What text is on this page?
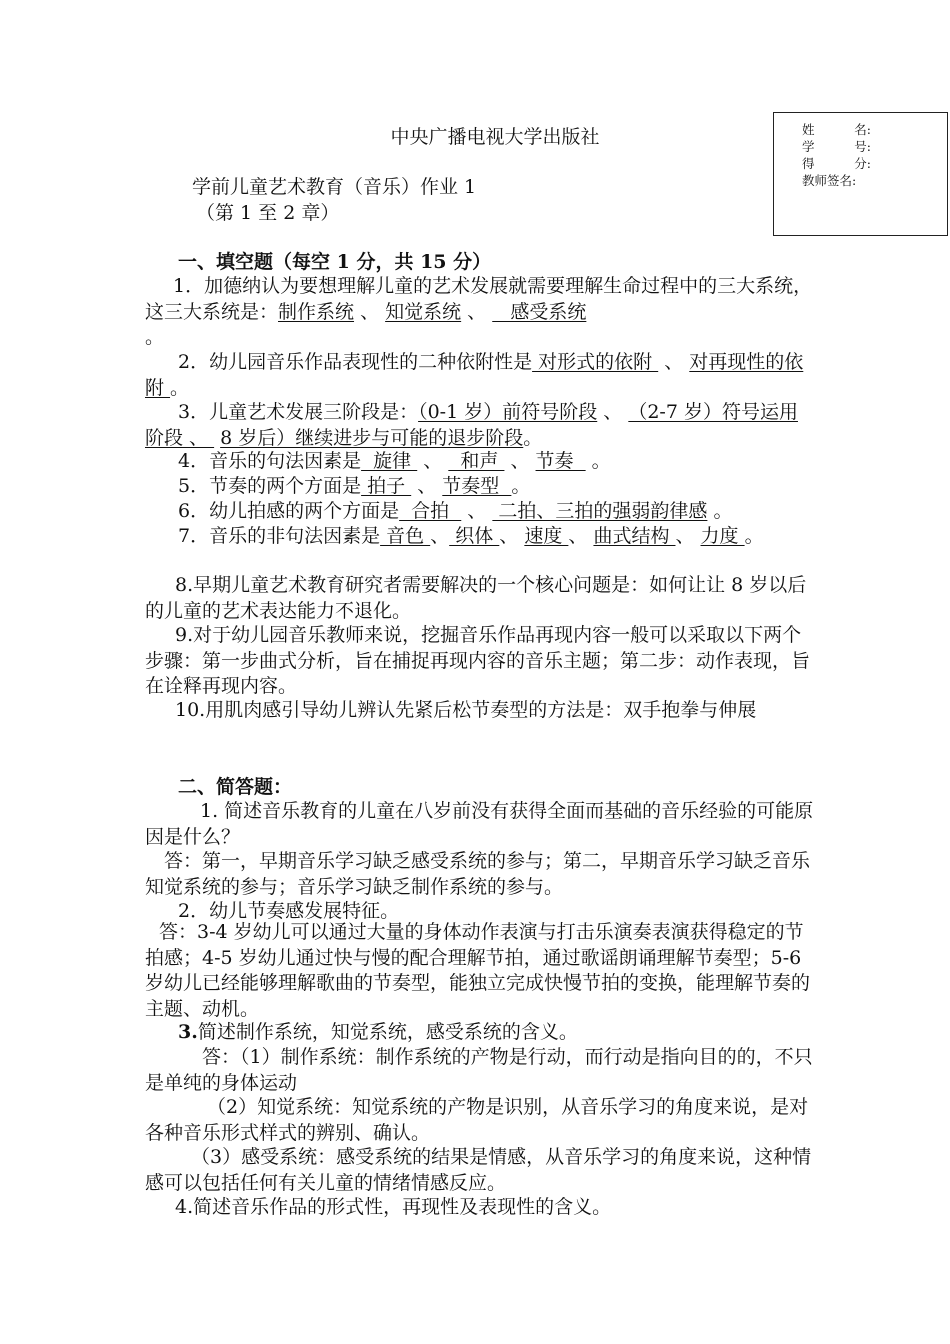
姓          名:
学          号:
得          分:
教师签名:
中央广播电视大学出版社
学前儿童艺术教育（音乐）作业 1
（第 1 至 2 章）
一、填空题（每空 1 分，共 15 分）
1．加德纳认为要想理解儿童的艺术发展就需要理解生命过程中的三大系统，这三大系统是：制作系统 、 知觉系统 、    感受系统
。
2．幼儿园音乐作品表现性的二种依附性是 对形式的依附  、 对再现性的依附 。
3．儿童艺术发展三阶段是：（0-1 岁）前符号阶段 、 （2-7 岁）符号运用阶段 、  8 岁后）继续进步与可能的退步阶段。
4．音乐的句法因素是  旋律  、   和声  、 节奏   。
5．节奏的两个方面是 拍子  、 节奏型  。
6．幼儿拍感的两个方面是  合拍   、  二拍、三拍的强弱韵律感 。
7．音乐的非句法因素是 音色 、 织体 、 速度 、 曲式结构 、 力度 。
8.早期儿童艺术教育研究者需要解决的一个核心问题是：如何让让 8 岁以后的儿童的艺术表达能力不退化。
9.对于幼儿园音乐教师来说，挖掘音乐作品再现内容一般可以采取以下两个步骤：第一步曲式分析，旨在捕捉再现内容的音乐主题；第二步：动作表现，旨在诠释再现内容。
10.用肌肉感引导幼儿辨认先紧后松节奏型的方法是：双手抱拳与伸展
二、简答题：
1. 简述音乐教育的儿童在八岁前没有获得全面而基础的音乐经验的可能原因是什么？
答：第一，早期音乐学习缺乏感受系统的参与；第二，早期音乐学习缺乏音乐知觉系统的参与；音乐学习缺乏制作系统的参与。
2．幼儿节奏感发展特征。
答：3-4 岁幼儿可以通过大量的身体动作表演与打击乐演奏表演获得稳定的节拍感；4-5 岁幼儿通过快与慢的配合理解节拍，通过歌谣朗诵理解节奏型；5-6 岁幼儿已经能够理解歌曲的节奏型，能独立完成快慢节拍的变换，能理解节奏的主题、动机。
3.简述制作系统，知觉系统，感受系统的含义。
答：（1）制作系统：制作系统的产物是行动，而行动是指向目的的，不只是单纯的身体运动
（2）知觉系统：知觉系统的产物是识别，从音乐学习的角度来说，是对各种音乐形式样式的辨别、确认。
（3）感受系统：感受系统的结果是情感，从音乐学习的角度来说，这种情感可以包括任何有关儿童的情绪情感反应。
4.简述音乐作品的形式性，再现性及表现性的含义。
